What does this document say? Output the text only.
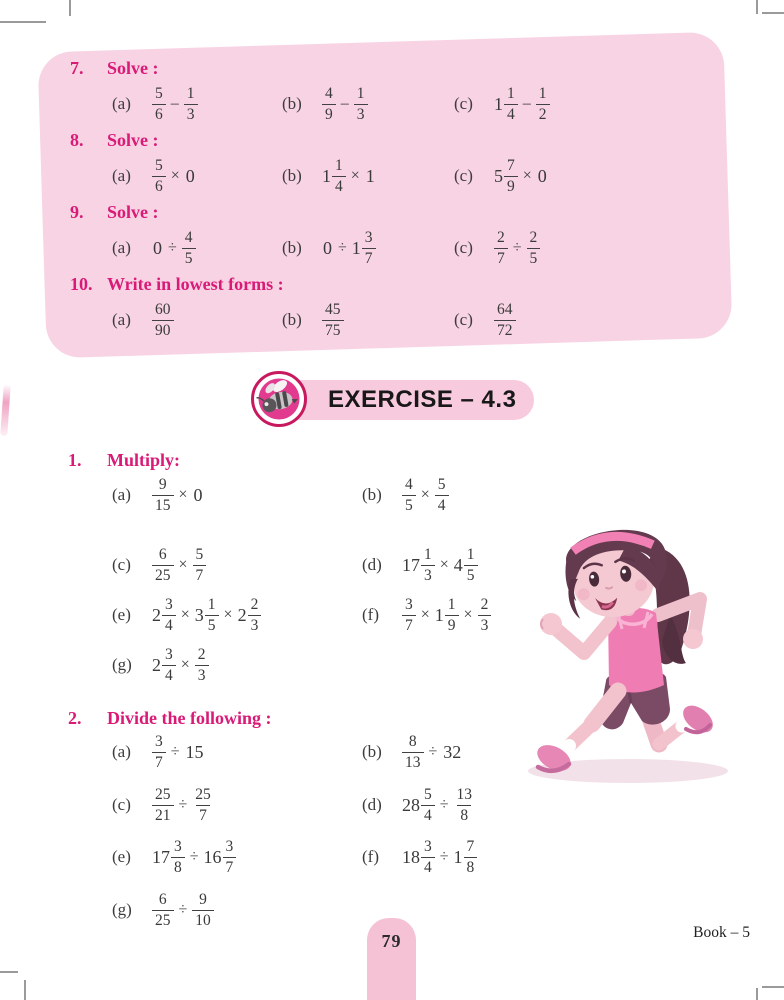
7.	Solve :
(a)	$\frac{5}{6} - \frac{1}{3}$	(b)	$\frac{4}{9} - \frac{1}{3}$	(c)	$1 \frac{1}{4} - \frac{1}{2}$
8.	Solve :
(a)	$\frac{5}{6} \times 0$	(b)	$1 \frac{1}{4} \times 1$	(c)	$5 \frac{7}{9} \times 0$
9.	Solve :
(a)	$0 \div \frac{4}{5}$	(b)	$0 \div 1 \frac{3}{7}$	(c)	$\frac{2}{7} \div \frac{2}{5}$
10. Write in lowest forms :
(a)	$\frac{60}{90}$	(b)	$\frac{45}{75}$	(c)	$\frac{64}{72}$
EXERCISE – 4.3
1.	Multiply:
(a)	$\frac{9}{15} \times 0$	(b)	$\frac{4}{5} \times \frac{5}{4}$
(c)	$\frac{6}{25} \times \frac{5}{7}$	(d)	$17 \frac{1}{3} \times 4 \frac{1}{5}$
(e)	$2 \frac{3}{4} \times 3 \frac{1}{5} \times 2 \frac{2}{3}$	(f)	$\frac{3}{7} \times 1 \frac{1}{9} \times \frac{2}{3}$
(g)	$2 \frac{3}{4} \times \frac{2}{3}$
2.	Divide the following :
(a)	$\frac{3}{7} \div 15$	(b)	$\frac{8}{13} \div 32$
(c)	$\frac{25}{21} \div \frac{25}{7}$	(d)	$28 \frac{5}{4} \div \frac{13}{8}$
(e)	$17 \frac{3}{8} \div 16 \frac{3}{7}$	(f)	$18 \frac{3}{4} \div 1 \frac{7}{8}$
(g)	$\frac{6}{25} \div \frac{9}{10}$
79	Book – 5
